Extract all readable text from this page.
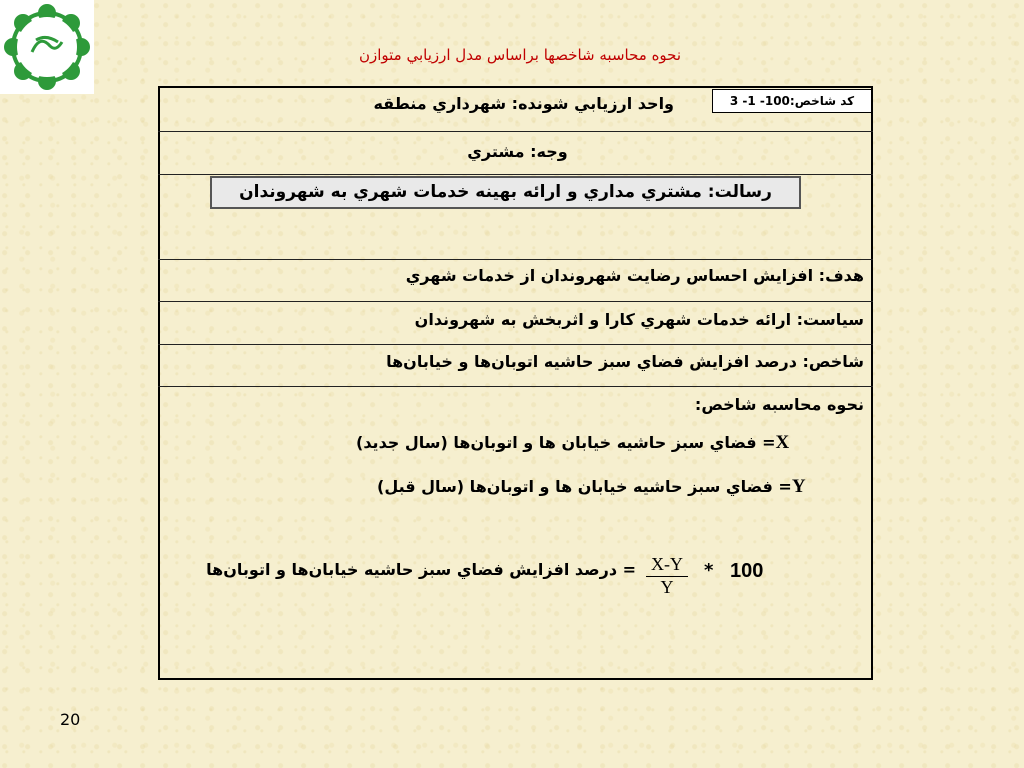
نحوه محاسبه شاخصها براساس مدل ارزيابي متوازن
كد شاخص:3 -1 -100
واحد ارزيابي شونده: شهرداري منطقه
وجه: مشتري
رسالت: مشتري مداري و ارائه بهينه خدمات شهري به شهروندان
هدف: افزايش احساس رضايت شهروندان از خدمات شهري
سياست: ارائه خدمات شهري كارا و اثربخش به شهروندان
شاخص: درصد افزايش فضاي سبز حاشيه اتوبان‌ها و خيابان‌ها
نحوه محاسبه شاخص:
= فضاي سبز حاشيه خيابان ها و اتوبان‌ها (سال جديد)X
= فضاي سبز حاشيه خيابان ها و اتوبان‌ها (سال قبل)Y
= درصد افزايش فضاي سبز حاشيه خيابان‌ها و اتوبان‌ها $\frac{X-Y}{Y} * 100$
20
